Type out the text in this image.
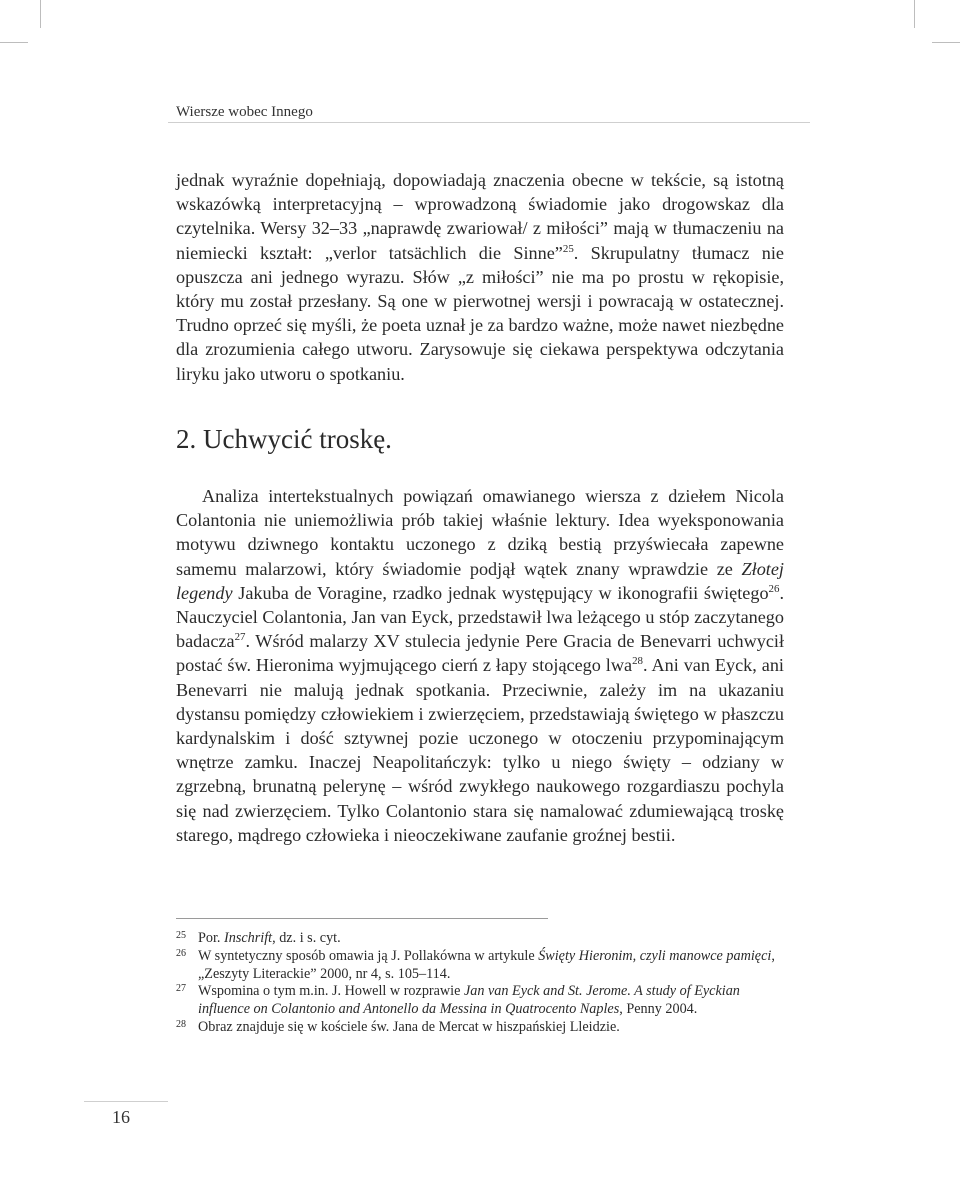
Wiersze wobec Innego

jednak wyraźnie dopełniają, dopowiadają znaczenia obecne w tekście, są istotną wskazówką interpretacyjną – wprowadzoną świadomie jako drogowskaz dla czytelnika. Wersy 32–33 „naprawdę zwariował/ z miłości” mają w tłumaczeniu na niemiecki kształt: „verlor tatsächlich die Sinne”$^{25}$. Skrupulatny tłumacz nie opuszcza ani jednego wyrazu. Słów „z miłości” nie ma po prostu w rękopisie, który mu został przesłany. Są one w pierwotnej wersji i powracają w ostatecznej. Trudno oprzeć się myśli, że poeta uznał je za bardzo ważne, może nawet niezbędne dla zrozumienia całego utworu. Zarysowuje się ciekawa perspektywa odczytania liryku jako utworu o spotkaniu.

2. Uchwycić troskę.

Analiza intertekstualnych powiązań omawianego wiersza z dziełem Nicola Colantonia nie uniemożliwia prób takiej właśnie lektury. Idea wyeksponowania motywu dziwnego kontaktu uczonego z dziką bestią przyświecała zapewne samemu malarzowi, który świadomie podjął wątek znany wprawdzie ze Złotej legendy Jakuba de Voragine, rzadko jednak występujący w ikonografii świętego$^{26}$. Nauczyciel Colantonia, Jan van Eyck, przedstawił lwa leżącego u stóp zaczytanego badacza$^{27}$. Wśród malarzy XV stulecia jedynie Pere Gracia de Benevarri uchwycił postać św. Hieronima wyjmującego cierń z łapy stojącego lwa$^{28}$. Ani van Eyck, ani Benevarri nie malują jednak spotkania. Przeciwnie, zależy im na ukazaniu dystansu pomiędzy człowiekiem i zwierzęciem, przedstawiają świętego w płaszczu kardynalskim i dość sztywnej pozie uczonego w otoczeniu przypominającym wnętrze zamku. Inaczej Neapolitańczyk: tylko u niego święty – odziany w zgrzebną, brunatną pelerynę – wśród zwykłego naukowego rozgardiaszu pochyla się nad zwierzęciem. Tylko Colantonio stara się namalować zdumiewającą troskę starego, mądrego człowieka i nieoczekiwane zaufanie groźnej bestii.

25 Por. Inschrift, dz. i s. cyt.
26 W syntetyczny sposób omawia ją J. Pollakówna w artykule Święty Hieronim, czyli manowce pamięci, „Zeszyty Literackie” 2000, nr 4, s. 105–114.
27 Wspomina o tym m.in. J. Howell w rozprawie Jan van Eyck and St. Jerome. A study of Eyckian influence on Colantonio and Antonello da Messina in Quatrocento Naples, Penny 2004.
28 Obraz znajduje się w kościele św. Jana de Mercat w hiszpańskiej Lleidzie.
16
